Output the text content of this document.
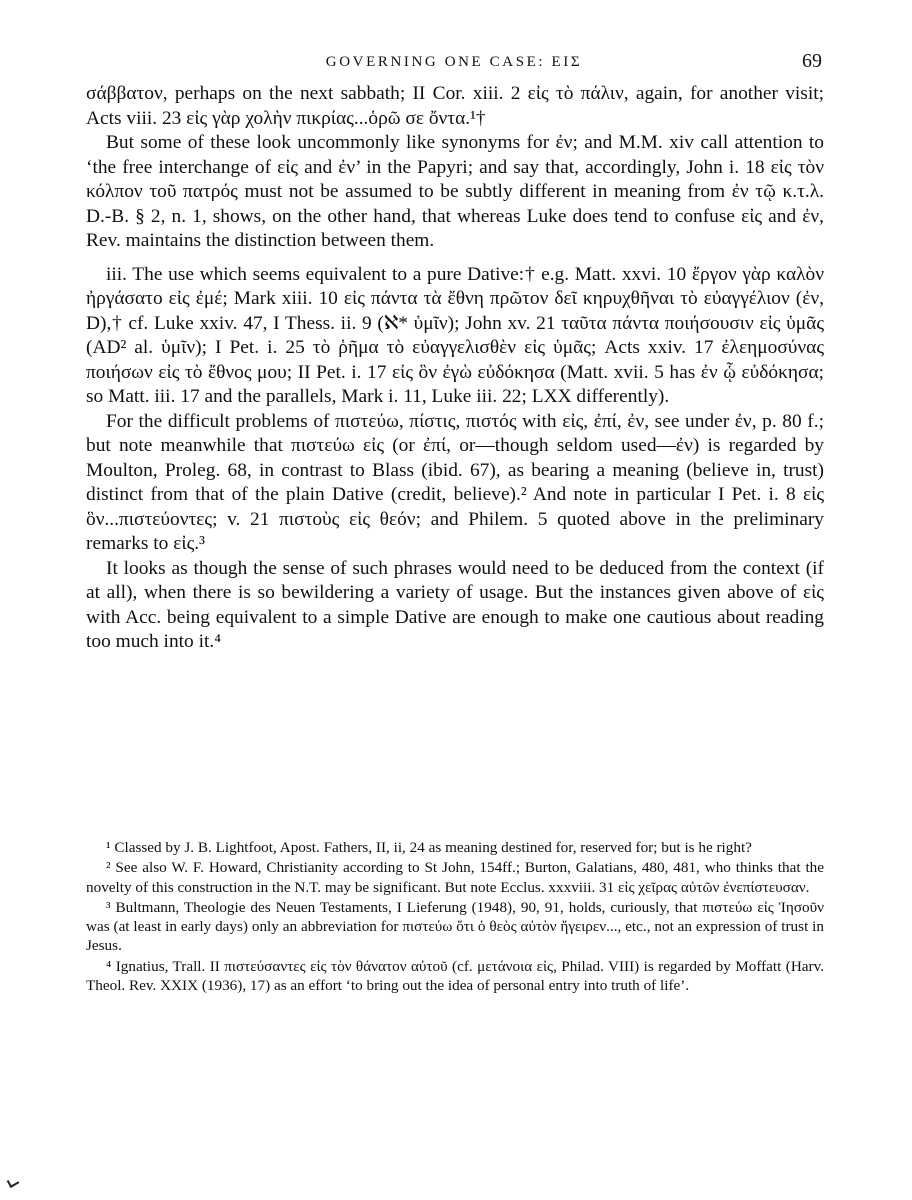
GOVERNING ONE CASE: ΕΙΣ	69

σάββατον, perhaps on the next sabbath; II Cor. xiii. 2 εἰς τὸ πάλιν, again, for another visit; Acts viii. 23 εἰς γὰρ χολὴν πικρίας...ὁρῶ σε ὄντα.¹†

But some of these look uncommonly like synonyms for ἐν; and M.M. xiv call attention to ‘the free interchange of εἰς and ἐν’ in the Papyri; and say that, accordingly, John i. 18 εἰς τὸν κόλπον τοῦ πατρός must not be assumed to be subtly different in meaning from ἐν τῷ κ.τ.λ. D.-B. § 2, n. 1, shows, on the other hand, that whereas Luke does tend to confuse εἰς and ἐν, Rev. maintains the distinction between them.

iii. The use which seems equivalent to a pure Dative:† e.g. Matt. xxvi. 10 ἔργον γὰρ καλὸν ἠργάσατο εἰς ἐμέ; Mark xiii. 10 εἰς πάντα τὰ ἔθνη πρῶτον δεῖ κηρυχθῆναι τὸ εὐαγγέλιον (ἐν, D),† cf. Luke xxiv. 47, I Thess. ii. 9 (ℵ* ὑμῖν); John xv. 21 ταῦτα πάντα ποιήσουσιν εἰς ὑμᾶς (AD² al. ὑμῖν); I Pet. i. 25 τὸ ῥῆμα τὸ εὐαγγελισθὲν εἰς ὑμᾶς; Acts xxiv. 17 ἐλεημοσύνας ποιήσων εἰς τὸ ἔθνος μου; II Pet. i. 17 εἰς ὃν ἐγὼ εὐδόκησα (Matt. xvii. 5 has ἐν ᾧ εὐδόκησα; so Matt. iii. 17 and the parallels, Mark i. 11, Luke iii. 22; LXX differently).

For the difficult problems of πιστεύω, πίστις, πιστός with εἰς, ἐπί, ἐν, see under ἐν, p. 80 f.; but note meanwhile that πιστεύω εἰς (or ἐπί, or—though seldom used—ἐν) is regarded by Moulton, Proleg. 68, in contrast to Blass (ibid. 67), as bearing a meaning (believe in, trust) distinct from that of the plain Dative (credit, believe).² And note in particular I Pet. i. 8 εἰς ὃν...πιστεύοντες; v. 21 πιστοὺς εἰς θεόν; and Philem. 5 quoted above in the preliminary remarks to εἰς.³

It looks as though the sense of such phrases would need to be deduced from the context (if at all), when there is so bewildering a variety of usage. But the instances given above of εἰς with Acc. being equivalent to a simple Dative are enough to make one cautious about reading too much into it.⁴

¹ Classed by J. B. Lightfoot, Apost. Fathers, II, ii, 24 as meaning destined for, reserved for; but is he right?

² See also W. F. Howard, Christianity according to St John, 154ff.; Burton, Galatians, 480, 481, who thinks that the novelty of this construction in the N.T. may be significant. But note Ecclus. xxxviii. 31 εἰς χεῖρας αὐτῶν ἐνεπίστευσαν.

³ Bultmann, Theologie des Neuen Testaments, I Lieferung (1948), 90, 91, holds, curiously, that πιστεύω εἰς Ἰησοῦν was (at least in early days) only an abbreviation for πιστεύω ὅτι ὁ θεὸς αὐτὸν ἤγειρεν..., etc., not an expression of trust in Jesus.

⁴ Ignatius, Trall. II πιστεύσαντες εἰς τὸν θάνατον αὐτοῦ (cf. μετάνοια εἰς, Philad. VIII) is regarded by Moffatt (Harv. Theol. Rev. XXIX (1936), 17) as an effort ‘to bring out the idea of personal entry into truth of life’.
